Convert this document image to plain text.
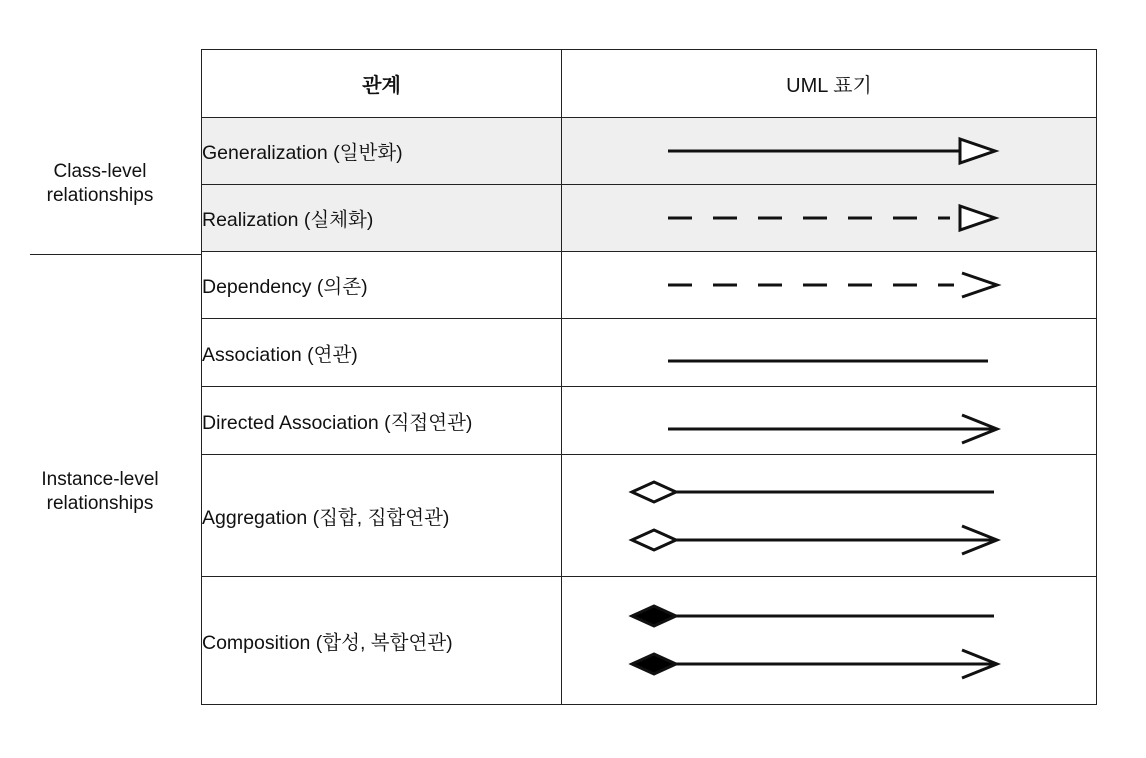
Class-level
relationships
Instance-level
relationships
관계	UML 표기
Generalization (일반화)	

Realization (실체화)	

Dependency (의존)	

Association (연관)	

Directed Association (직접연관)	

Aggregation (집합, 집합연관)	

Composition (합성, 복합연관)	
